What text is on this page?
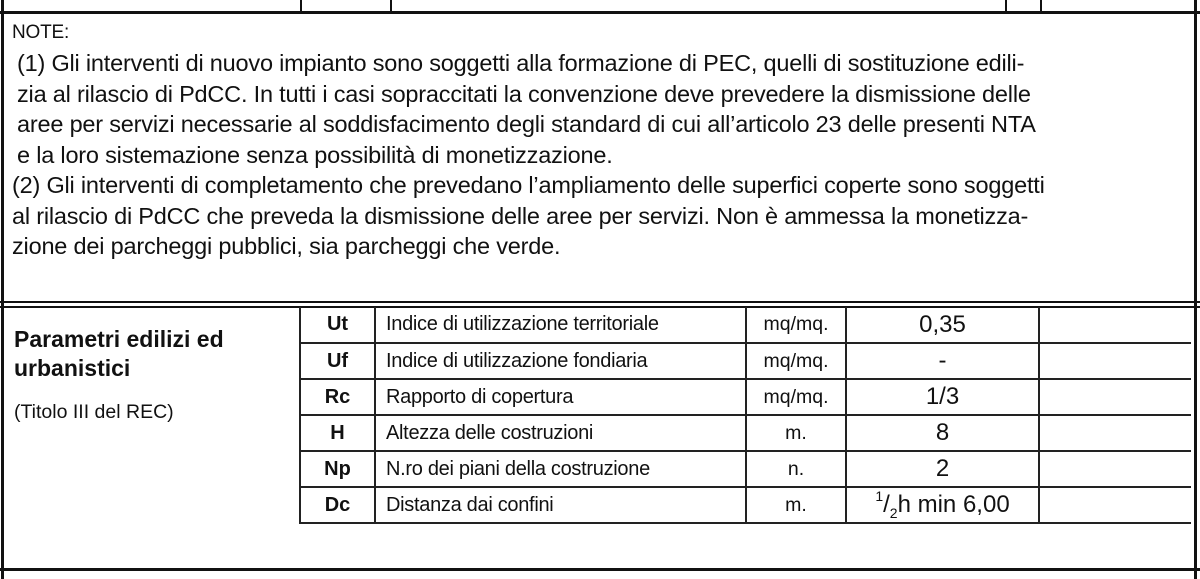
NOTE:

(1) Gli interventi di nuovo impianto sono soggetti alla formazione di PEC, quelli di sostituzione edili-
zia al rilascio di PdCC. In tutti i casi sopraccitati la convenzione deve prevedere la dismissione delle
aree per servizi necessarie al soddisfacimento degli standard di cui all’articolo 23 delle presenti NTA
e la loro sistemazione senza possibilità di monetizzazione.

(2) Gli interventi di completamento che prevedano l’ampliamento delle superfici coperte sono soggetti
al rilascio di PdCC che preveda la dismissione delle aree per servizi. Non è ammessa la monetizza-
zione dei parcheggi pubblici, sia parcheggi che verde.

Parametri edilizi ed
urbanistici
(Titolo III del REC)
Ut	Indice di utilizzazione territoriale	mq/mq.	0,35	
Uf	Indice di utilizzazione fondiaria	mq/mq.	-	
Rc	Rapporto di copertura	mq/mq.	1/3	
H	Altezza delle costruzioni	m.	8	
Np	N.ro dei piani della costruzione	n.	2	
Dc	Distanza dai confini	m.	$^1/_2h$ min 6,00	
